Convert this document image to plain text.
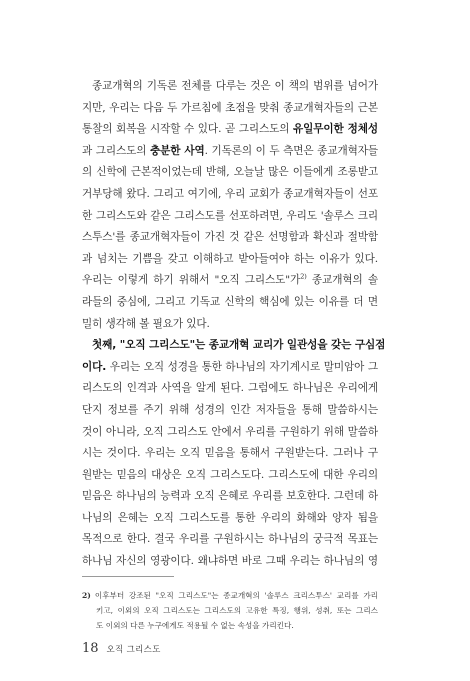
종교개혁의 기독론 전체를 다루는 것은 이 책의 범위를 넘어가
지만, 우리는 다음 두 가르침에 초점을 맞춰 종교개혁자들의 근본
통찰의 회복을 시작할 수 있다. 곧 그리스도의 유일무이한 정체성
과 그리스도의 충분한 사역. 기독론의 이 두 측면은 종교개혁자들
의 신학에 근본적이었는데 반해, 오늘날 많은 이들에게 조롱받고
거부당해 왔다. 그리고 여기에, 우리 교회가 종교개혁자들이 선포
한 그리스도와 같은 그리스도를 선포하려면, 우리도 '솔루스 크리
스투스'를 종교개혁자들이 가진 것 같은 선명함과 확신과 절박함
과 넘치는 기쁨을 갖고 이해하고 받아들여야 하는 이유가 있다.
우리는 이렇게 하기 위해서 "오직 그리스도"가$^{2)}$ 종교개혁의 솔
라들의 중심에, 그리고 기독교 신학의 핵심에 있는 이유를 더 면
밀히 생각해 볼 필요가 있다.
첫째, "오직 그리스도"는 종교개혁 교리가 일관성을 갖는 구심점
이다. 우리는 오직 성경을 통한 하나님의 자기계시로 말미암아 그
리스도의 인격과 사역을 알게 된다. 그럼에도 하나님은 우리에게
단지 정보를 주기 위해 성경의 인간 저자들을 통해 말씀하시는
것이 아니라, 오직 그리스도 안에서 우리를 구원하기 위해 말씀하
시는 것이다. 우리는 오직 믿음을 통해서 구원받는다. 그러나 구
원받는 믿음의 대상은 오직 그리스도다. 그리스도에 대한 우리의
믿음은 하나님의 능력과 오직 은혜로 우리를 보호한다. 그런데 하
나님의 은혜는 오직 그리스도를 통한 우리의 화해와 양자 됨을
목적으로 한다. 결국 우리를 구원하시는 하나님의 궁극적 목표는
하나님 자신의 영광이다. 왜냐하면 바로 그때 우리는 하나님의 영
2) 이후부터 강조된 "오직 그리스도"는 종교개혁의 '솔루스 크리스투스' 교리를 가리
키고, 이외의 오직 그리스도는 그리스도의 고유한 특징, 행위, 성취, 또는 그리스
도 이외의 다른 누구에게도 적용될 수 없는 속성을 가리킨다.
18 오직 그리스도
